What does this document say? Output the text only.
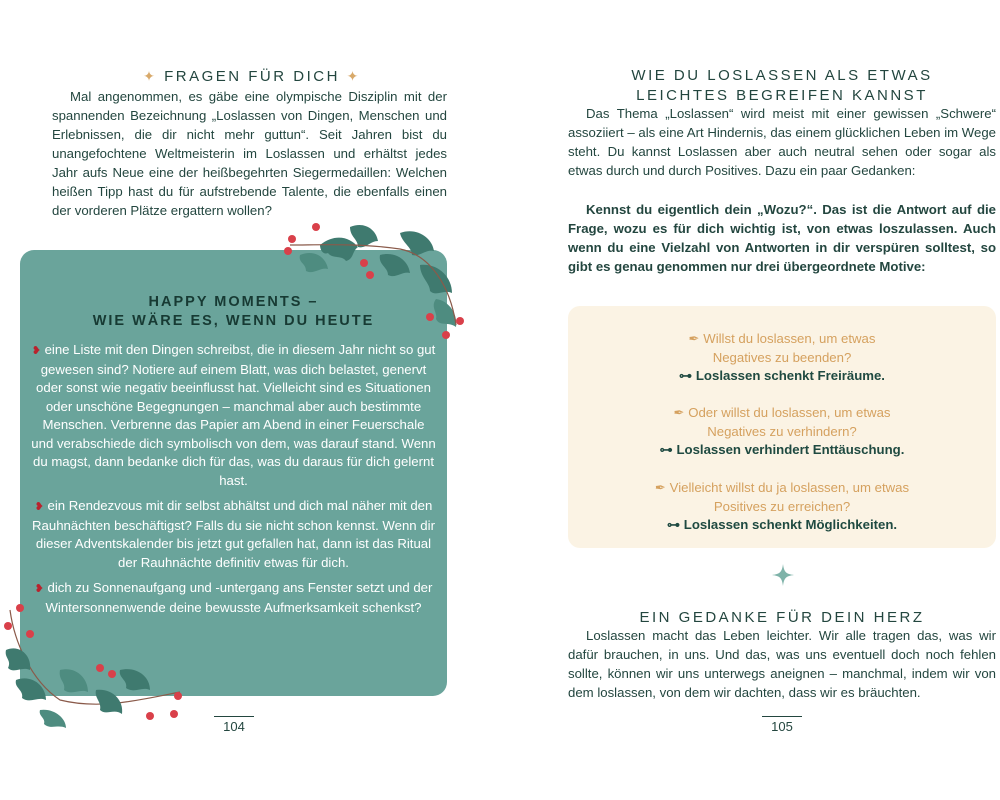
✦ FRAGEN FÜR DICH ✦
Mal angenommen, es gäbe eine olympische Disziplin mit der spannenden Bezeichnung „Loslassen von Dingen, Menschen und Erlebnissen, die dir nicht mehr guttun“. Seit Jahren bist du unangefochtene Weltmeisterin im Loslassen und erhältst jedes Jahr aufs Neue eine der heißbegehrten Siegermedaillen: Welchen heißen Tipp hast du für aufstrebende Talente, die ebenfalls einen der vorderen Plätze ergattern wollen?
HAPPY MOMENTS –
WIE WÄRE ES, WENN DU HEUTE
❥ eine Liste mit den Dingen schreibst, die in diesem Jahr nicht so gut gewesen sind? Notiere auf einem Blatt, was dich belastet, genervt oder sonst wie negativ beeinflusst hat. Vielleicht sind es Situationen oder unschöne Begegnungen – manchmal aber auch bestimmte Menschen. Verbrenne das Papier am Abend in einer Feuerschale und verabschiede dich symbolisch von dem, was darauf stand. Wenn du magst, dann bedanke dich für das, was du daraus für dich gelernt hast.
❥ ein Rendezvous mit dir selbst abhältst und dich mal näher mit den Rauhnächten beschäftigst? Falls du sie nicht schon kennst. Wenn dir dieser Adventskalender bis jetzt gut gefallen hat, dann ist das Ritual der Rauhnächte definitiv etwas für dich.
❥ dich zu Sonnenaufgang und -untergang ans Fenster setzt und der Wintersonnenwende deine bewusste Aufmerksamkeit schenkst?
104
WIE DU LOSLASSEN ALS ETWAS
LEICHTES BEGREIFEN KANNST
Das Thema „Loslassen“ wird meist mit einer gewissen „Schwere“ assoziiert – als eine Art Hindernis, das einem glücklichen Leben im Wege steht. Du kannst Loslassen aber auch neutral sehen oder sogar als etwas durch und durch Positives. Dazu ein paar Gedanken:
Kennst du eigentlich dein „Wozu?“. Das ist die Antwort auf die Frage, wozu es für dich wichtig ist, von etwas loszulassen. Auch wenn du eine Vielzahl von Antworten in dir verspüren solltest, so gibt es genau genommen nur drei übergeordnete Motive:
✒ Willst du loslassen, um etwas
Negatives zu beenden?
⊶ Loslassen schenkt Freiräume.
✒ Oder willst du loslassen, um etwas
Negatives zu verhindern?
⊶ Loslassen verhindert Enttäuschung.
✒ Vielleicht willst du ja loslassen, um etwas
Positives zu erreichen?
⊶ Loslassen schenkt Möglichkeiten.
EIN GEDANKE FÜR DEIN HERZ
Loslassen macht das Leben leichter. Wir alle tragen das, was wir dafür brauchen, in uns. Und das, was uns eventuell doch noch fehlen sollte, können wir uns unterwegs aneignen – manchmal, indem wir von dem loslassen, von dem wir dachten, dass wir es bräuchten.
105
